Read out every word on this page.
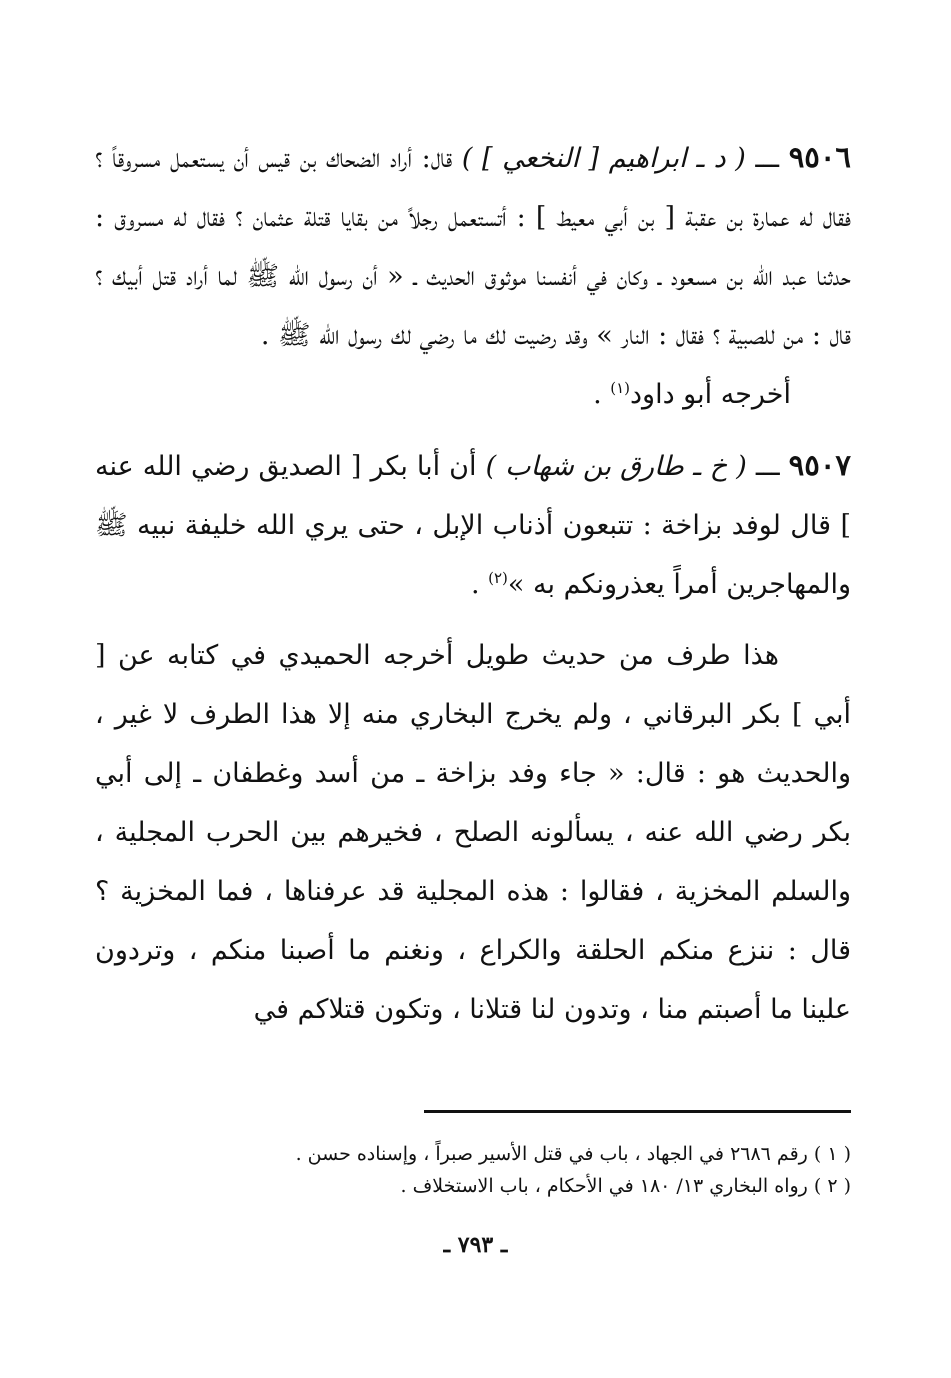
٩٥٠٦ ـــ ( د ـ ابراهيم [ النخعي ] ) قال: أراد الضحاك بن قيس أن يستعمل مسروقاً ؟ فقال له عمارة بن عقبة [ بن أبي معيط ] : أتستعمل رجلاً من بقايا قتلة عثمان ؟ فقال له مسروق : حدثنا عبد الله بن مسعود ـ وكان في أنفسنا موثوق الحديث ـ « أن رسول الله ﷺ لما أراد قتل أبيك ؟ قال : من للصبية ؟ فقال : النار » وقد رضيت لك ما رضي لك رسول الله ﷺ .

أخرجه أبو داود$^{(١)}$ .

٩٥٠٧ ـــ ( خ ـ طارق بن شهاب ) أن أبا بكر [ الصديق رضي الله عنه ] قال لوفد بزاخة : تتبعون أذناب الإبل ، حتى يري الله خليفة نبيه ﷺ والمهاجرين أمراً يعذرونكم به »$^{(٢)}$ .

هذا طرف من حديث طويل أخرجه الحميدي في كتابه عن [ أبي ] بكر البرقاني ، ولم يخرج البخاري منه إلا هذا الطرف لا غير ، والحديث هو : قال: « جاء وفد بزاخة ـ من أسد وغطفان ـ إلى أبي بكر رضي الله عنه ، يسألونه الصلح ، فخيرهم بين الحرب المجلية ، والسلم المخزية ، فقالوا : هذه المجلية قد عرفناها ، فما المخزية ؟ قال : ننزع منكم الحلقة والكراع ، ونغنم ما أصبنا منكم ، وتردون علينا ما أصبتم منا ، وتدون لنا قتلانا ، وتكون قتلاكم في

( ١ ) رقم ٢٦٨٦ في الجهاد ، باب في قتل الأسير صبراً ، وإسناده حسن .

( ٢ ) رواه البخاري ١٣/ ١٨٠ في الأحكام ، باب الاستخلاف .

ـ ٧٩٣ ـ
